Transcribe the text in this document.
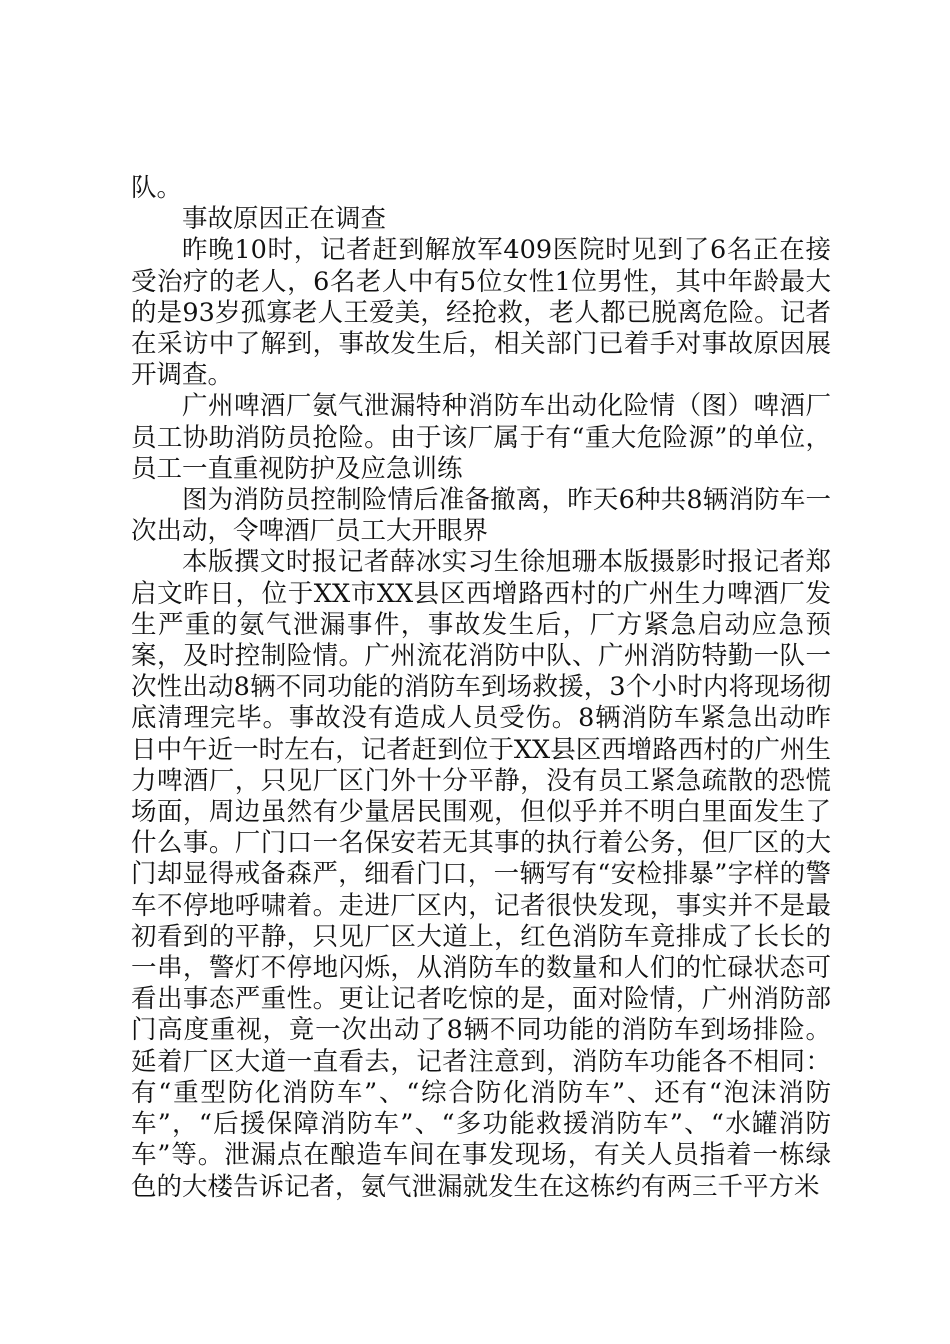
队。

事故原因正在调查

昨晚10时，记者赶到解放军409医院时见到了6名正在接受治疗的老人，6名老人中有5位女性1位男性，其中年龄最大的是93岁孤寡老人王爱美，经抢救，老人都已脱离危险。记者在采访中了解到，事故发生后，相关部门已着手对事故原因展开调查。

广州啤酒厂氨气泄漏特种消防车出动化险情（图）啤酒厂员工协助消防员抢险。由于该厂属于有“重大危险源”的单位，员工一直重视防护及应急训练

图为消防员控制险情后准备撤离，昨天6种共8辆消防车一次出动，令啤酒厂员工大开眼界

本版撰文时报记者薛冰实习生徐旭珊本版摄影时报记者郑启文昨日，位于XX市XX县区西增路西村的广州生力啤酒厂发生严重的氨气泄漏事件，事故发生后，厂方紧急启动应急预案，及时控制险情。广州流花消防中队、广州消防特勤一队一次性出动8辆不同功能的消防车到场救援，3个小时内将现场彻底清理完毕。事故没有造成人员受伤。8辆消防车紧急出动昨日中午近一时左右，记者赶到位于XX县区西增路西村的广州生力啤酒厂，只见厂区门外十分平静，没有员工紧急疏散的恐慌场面，周边虽然有少量居民围观，但似乎并不明白里面发生了什么事。厂门口一名保安若无其事的执行着公务，但厂区的大门却显得戒备森严，细看门口，一辆写有“安检排暴”字样的警车不停地呼啸着。走进厂区内，记者很快发现，事实并不是最初看到的平静，只见厂区大道上，红色消防车竟排成了长长的一串，警灯不停地闪烁，从消防车的数量和人们的忙碌状态可看出事态严重性。更让记者吃惊的是，面对险情，广州消防部门高度重视，竟一次出动了8辆不同功能的消防车到场排险。延着厂区大道一直看去，记者注意到，消防车功能各不相同：有“重型防化消防车”、“综合防化消防车”、还有“泡沫消防车”，“后援保障消防车”、“多功能救援消防车”、“水罐消防车”等。泄漏点在酿造车间在事发现场，有关人员指着一栋绿色的大楼告诉记者，氨气泄漏就发生在这栋约有两三千平方米
